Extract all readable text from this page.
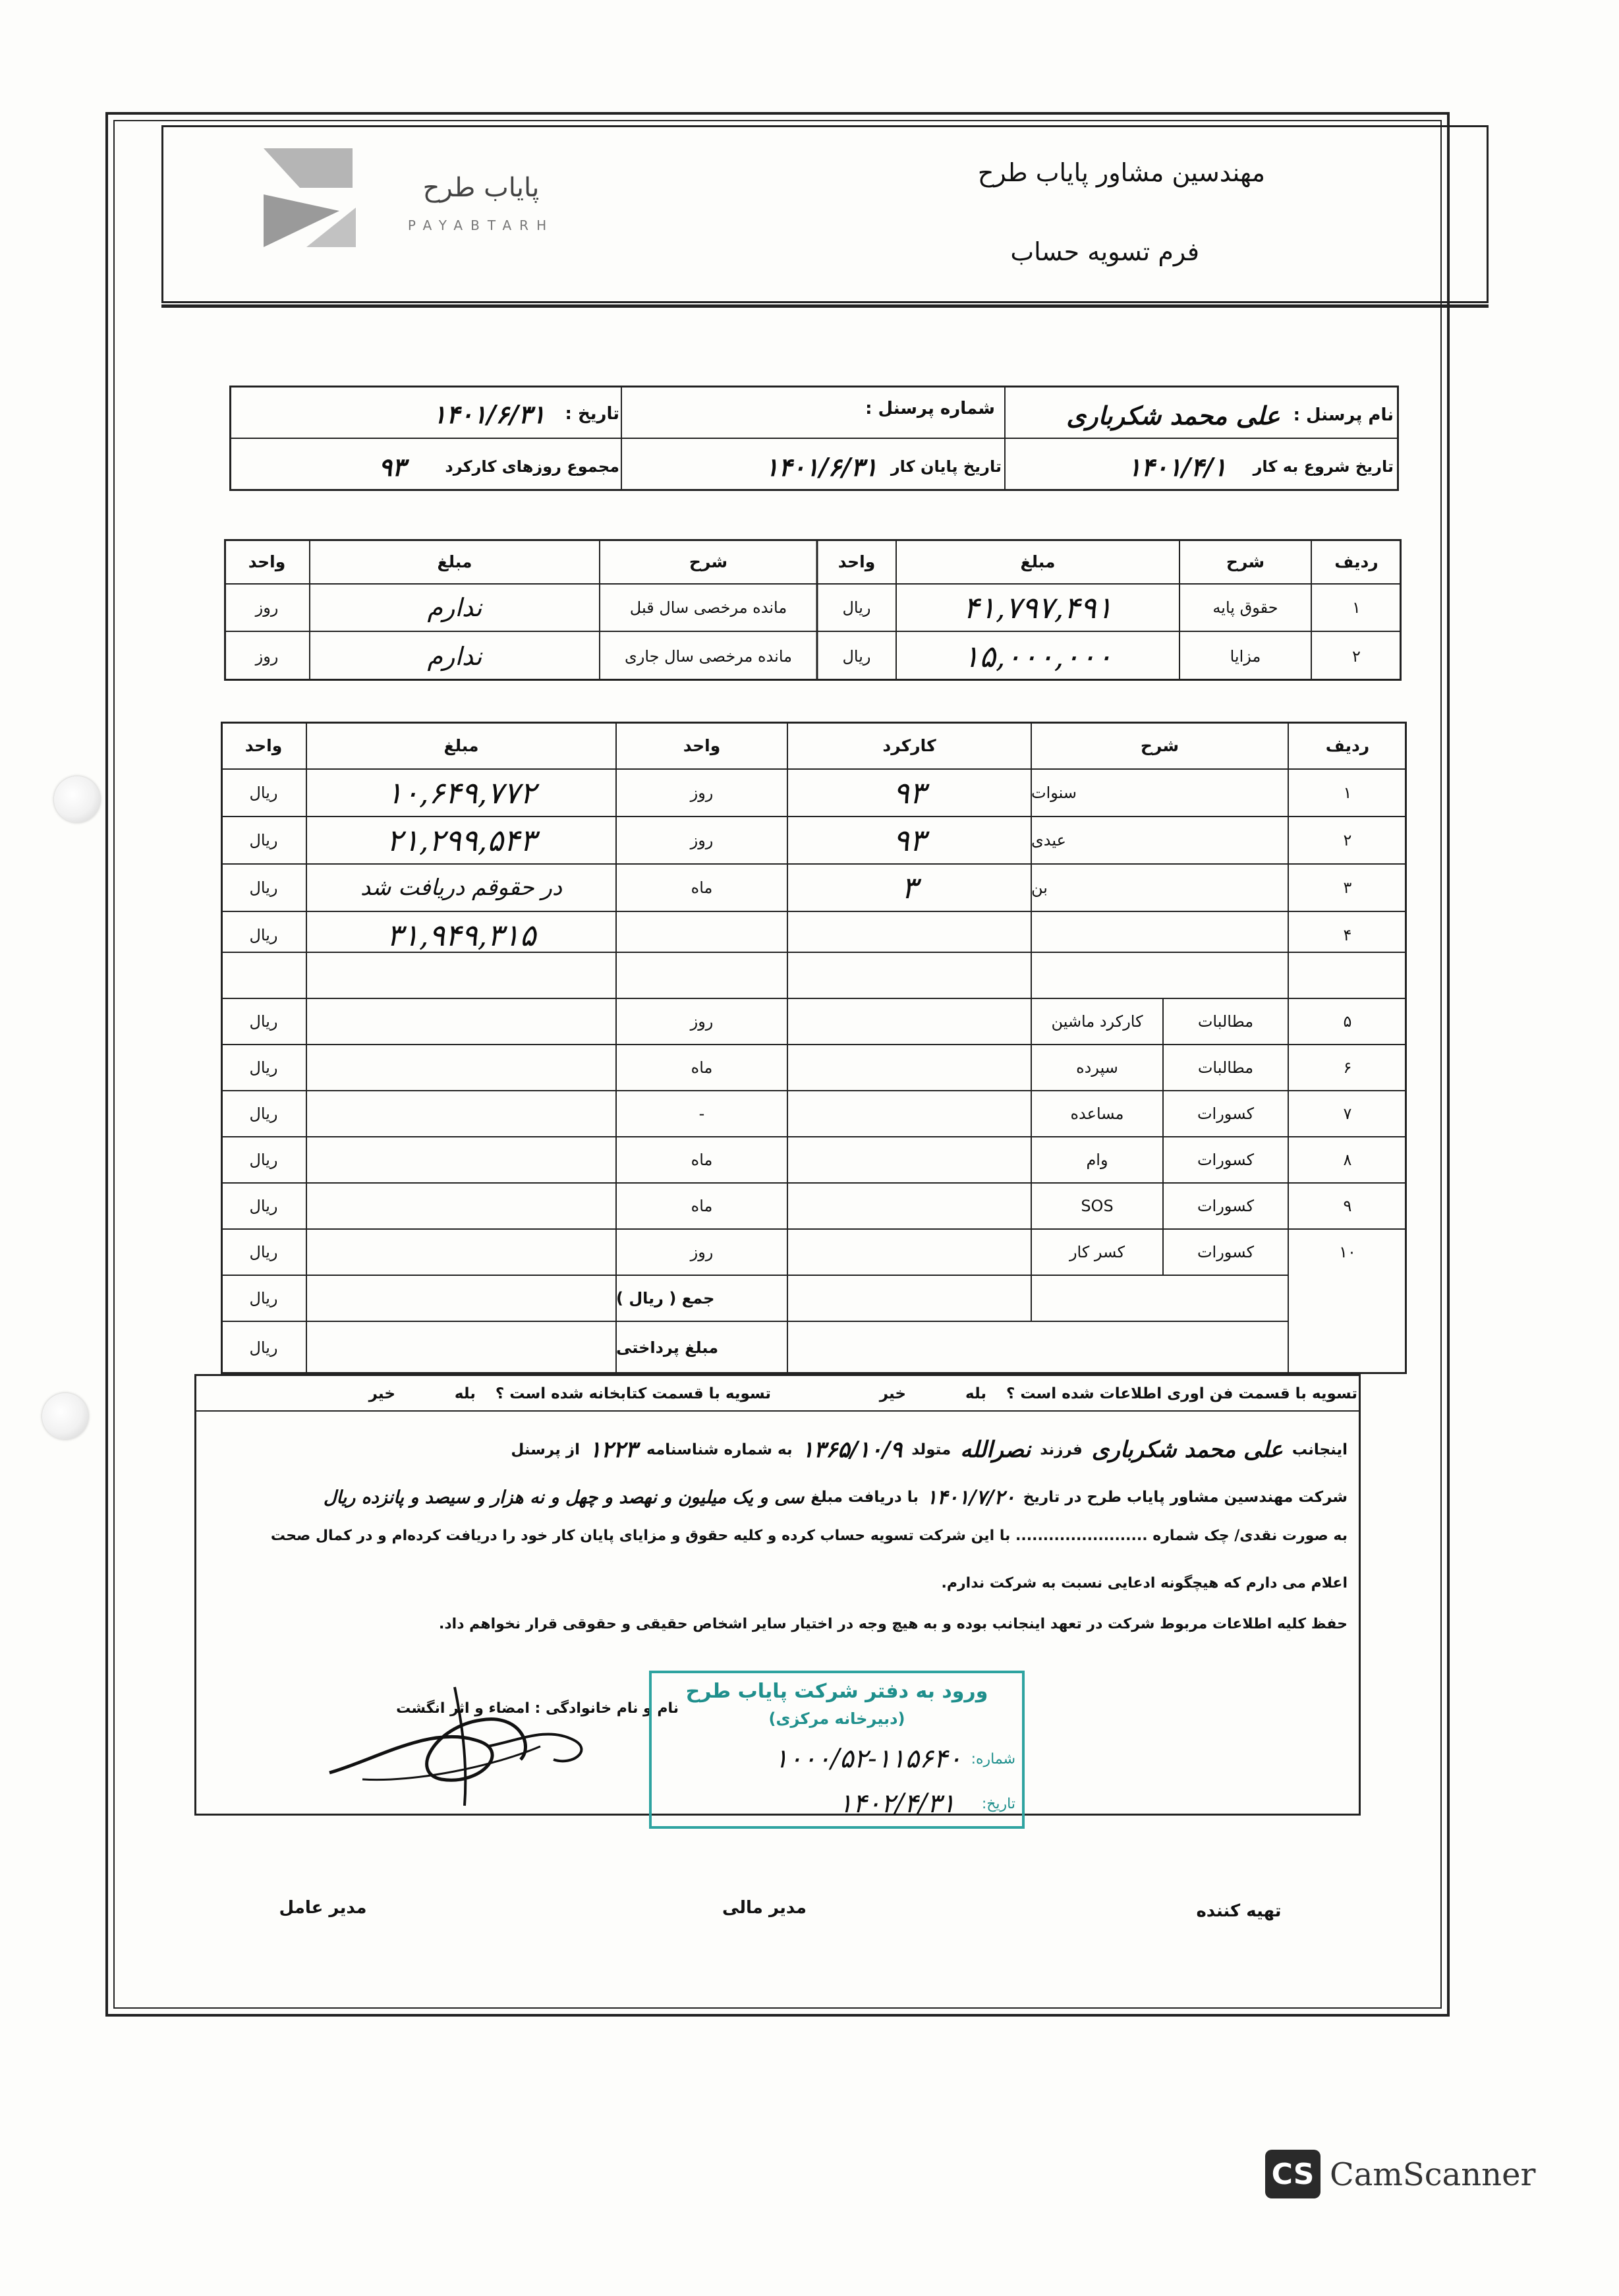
پایاب طرح
PAYABTARH
مهندسین مشاور پایاب طرح
فرم تسویه حساب
نام پرسنل :
علی محمد شکرباری
شماره پرسنل :
تاریخ :
۱۴۰۱/۶/۳۱
تاریخ شروع به کار
۱۴۰۱/۴/۱
تاریخ پایان کار
۱۴۰۱/۶/۳۱
مجموع روزهای کارکرد
۹۳
ردیف
شرح
مبلغ
واحد
شرح
مبلغ
واحد
۱
حقوق پایه
۴۱,۷۹۷,۴۹۱
ریال
مانده مرخصی سال قبل
ندارم
روز
۲
مزایا
۱۵,۰۰۰,۰۰۰
ریال
مانده مرخصی سال جاری
ندارم
روز
ردیف
شرح
کارکرد
واحد
مبلغ
واحد
۱
سنوات
۹۳
روز
۱۰,۶۴۹,۷۷۲
ریال
۲
عیدی
۹۳
روز
۲۱,۲۹۹,۵۴۳
ریال
۳
بن
۳
ماه
در حقوقم دریافت شد
ریال
۴
۳۱,۹۴۹,۳۱۵
ریال
۵
مطالبات
کارکرد ماشین
روز
ریال
۶
مطالبات
سپرده
ماه
ریال
۷
کسورات
مساعده
-
ریال
۸
کسورات
وام
ماه
ریال
۹
کسورات
SOS
ماه
ریال
۱۰
کسورات
کسر کار
روز
ریال
جمع ( ریال )
ریال
مبلغ پرداختی
ریال
تسویه با قسمت فن اوری اطلاعات شده است ؟
بله
خیر
تسویه با قسمت کتابخانه شده است ؟
بله
خیر
اینجانب
علی محمد شکرباری
فرزند
نصرالله
متولد
۱۳۶۵/۱۰/۹
به شماره شناسنامه
۱۲۲۳
از پرسنل
شرکت مهندسین مشاور پایاب طرح در تاریخ
۱۴۰۱/۷/۲۰
با دریافت مبلغ
سی و یک میلیون و نهصد و چهل و نه هزار و سیصد و پانزده ریال
به صورت نقدی/ چک شماره ........................ با این شرکت تسویه حساب کرده و کلیه حقوق و مزایای پایان کار خود را دریافت کرده‌ام و در کمال صحت
اعلام می دارم که هیچگونه ادعایی نسبت به شرکت ندارم.
حفظ کلیه اطلاعات مربوط شرکت در تعهد اینجانب بوده و به هیچ وجه در اختیار سایر اشخاص حقیقی و حقوقی قرار نخواهم داد.
نام و نام خانوادگی : امضاء و اثر انگشت
ورود به دفتر شرکت پایاب طرح
(دبیرخانه مرکزی)
شماره:
۱۰۰۰/۵۲-۱۱۵۶۴۰
تاریخ:
۱۴۰۲/۴/۳۱
تهیه کننده
مدیر مالی
مدیر عامل
CS CamScanner
